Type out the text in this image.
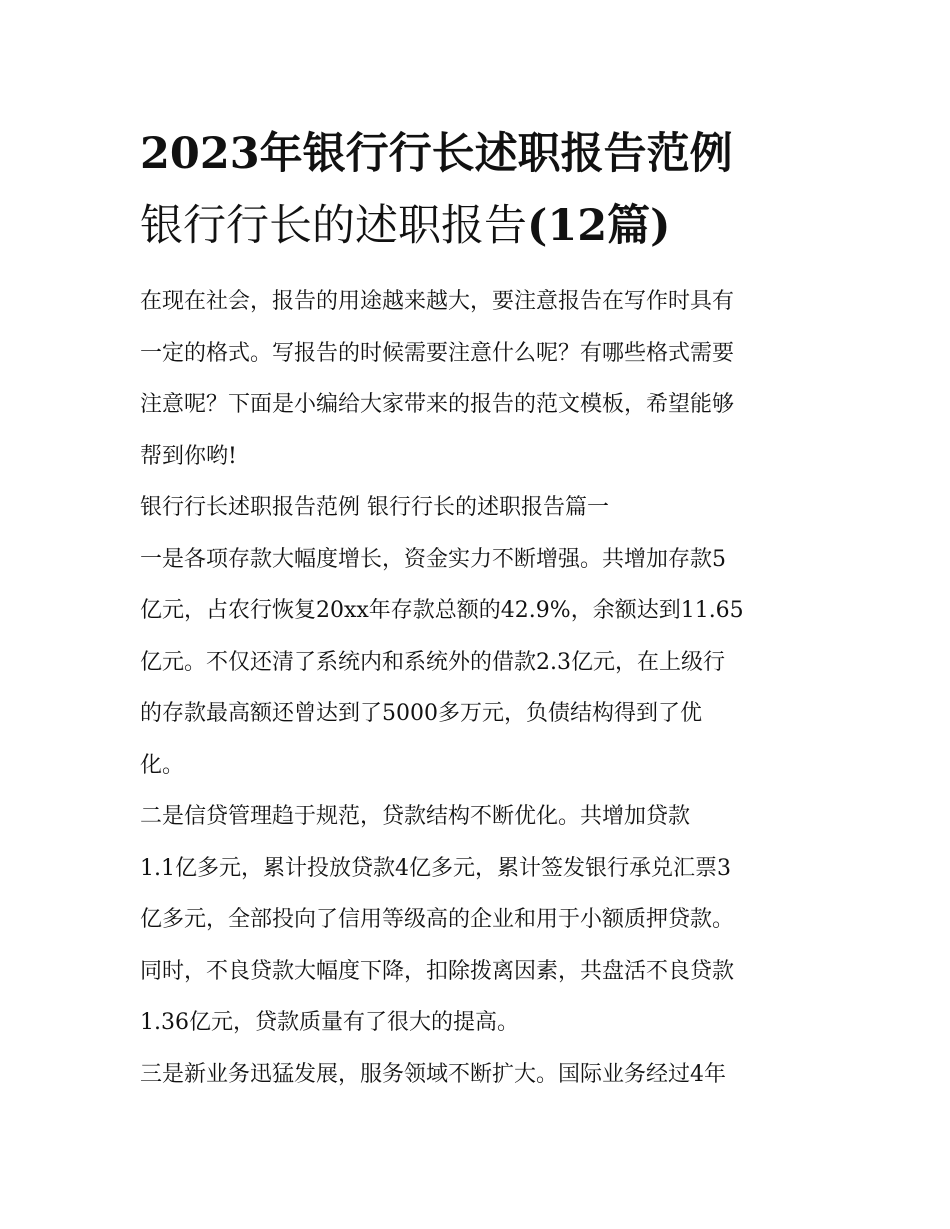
2023年银行行长述职报告范例
银行行长的述职报告(12篇)
在现在社会，报告的用途越来越大，要注意报告在写作时具有
一定的格式。写报告的时候需要注意什么呢？有哪些格式需要
注意呢？下面是小编给大家带来的报告的范文模板，希望能够
帮到你哟!
银行行长述职报告范例 银行行长的述职报告篇一
一是各项存款大幅度增长，资金实力不断增强。共增加存款5
亿元，占农行恢复20xx年存款总额的42.9%，余额达到11.65
亿元。不仅还清了系统内和系统外的借款2.3亿元，在上级行
的存款最高额还曾达到了5000多万元，负债结构得到了优
化。
二是信贷管理趋于规范，贷款结构不断优化。共增加贷款
1.1亿多元，累计投放贷款4亿多元，累计签发银行承兑汇票3
亿多元，全部投向了信用等级高的企业和用于小额质押贷款。
同时，不良贷款大幅度下降，扣除拨离因素，共盘活不良贷款
1.36亿元，贷款质量有了很大的提高。
三是新业务迅猛发展，服务领域不断扩大。国际业务经过4年
